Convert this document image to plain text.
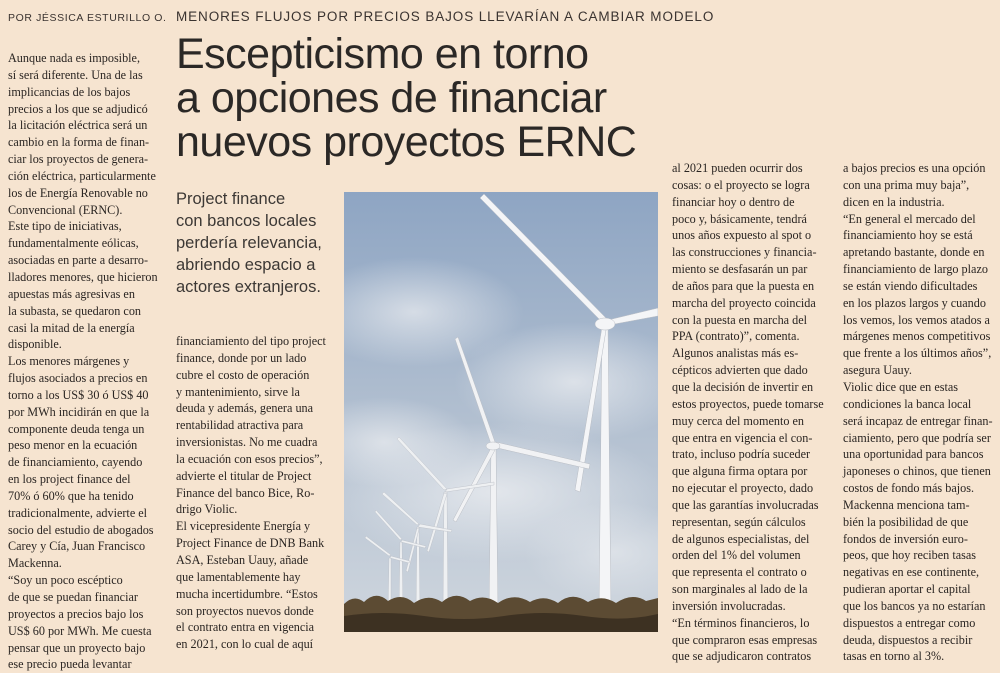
POR JÉSSICA ESTURILLO O. MENORES FLUJOS POR PRECIOS BAJOS LLEVARÍAN A CAMBIAR MODELO
Escepticismo en torno
a opciones de financiar
nuevos proyectos ERNC
Project finance
con bancos locales
perdería relevancia,
abriendo espacio a
actores extranjeros.
Aunque nada es imposible,
sí será diferente. Una de las
implicancias de los bajos
precios a los que se adjudicó
la licitación eléctrica será un
cambio en la forma de finan-
ciar los proyectos de genera-
ción eléctrica, particularmente
los de Energía Renovable no
Convencional (ERNC).
Este tipo de iniciativas,
fundamentalmente eólicas,
asociadas en parte a desarro-
lladores menores, que hicieron
apuestas más agresivas en
la subasta, se quedaron con
casi la mitad de la energía
disponible.
Los menores márgenes y
flujos asociados a precios en
torno a los US$ 30 ó US$ 40
por MWh incidirán en que la
componente deuda tenga un
peso menor en la ecuación
de financiamiento, cayendo
en los project finance del
70% ó 60% que ha tenido
tradicionalmente, advierte el
socio del estudio de abogados
Carey y Cía, Juan Francisco
Mackenna.
“Soy un poco escéptico
de que se puedan financiar
proyectos a precios bajo los
US$ 60 por MWh. Me cuesta
pensar que un proyecto bajo
ese precio pueda levantar
financiamiento del tipo project
finance, donde por un lado
cubre el costo de operación
y mantenimiento, sirve la
deuda y además, genera una
rentabilidad atractiva para
inversionistas. No me cuadra
la ecuación con esos precios”,
advierte el titular de Project
Finance del banco Bice, Ro-
drigo Violic.
El vicepresidente Energía y
Project Finance de DNB Bank
ASA, Esteban Uauy, añade
que lamentablemente hay
mucha incertidumbre. “Estos
son proyectos nuevos donde
el contrato entra en vigencia
en 2021, con lo cual de aquí
al 2021 pueden ocurrir dos
cosas: o el proyecto se logra
financiar hoy o dentro de
poco y, básicamente, tendrá
unos años expuesto al spot o
las construcciones y financia-
miento se desfasarán un par
de años para que la puesta en
marcha del proyecto coincida
con la puesta en marcha del
PPA (contrato)”, comenta.
Algunos analistas más es-
cépticos advierten que dado
que la decisión de invertir en
estos proyectos, puede tomarse
muy cerca del momento en
que entra en vigencia el con-
trato, incluso podría suceder
que alguna firma optara por
no ejecutar el proyecto, dado
que las garantías involucradas
representan, según cálculos
de algunos especialistas, del
orden del 1% del volumen
que representa el contrato o
son marginales al lado de la
inversión involucradas.
“En términos financieros, lo
que compraron esas empresas
que se adjudicaron contratos
a bajos precios es una opción
con una prima muy baja”,
dicen en la industria.
“En general el mercado del
financiamiento hoy se está
apretando bastante, donde en
financiamiento de largo plazo
se están viendo dificultades
en los plazos largos y cuando
los vemos, los vemos atados a
márgenes menos competitivos
que frente a los últimos años”,
asegura Uauy.
Violic dice que en estas
condiciones la banca local
será incapaz de entregar finan-
ciamiento, pero que podría ser
una oportunidad para bancos
japoneses o chinos, que tienen
costos de fondo más bajos.
Mackenna menciona tam-
bién la posibilidad de que
fondos de inversión euro-
peos, que hoy reciben tasas
negativas en ese continente,
pudieran aportar el capital
que los bancos ya no estarían
dispuestos a entregar como
deuda, dispuestos a recibir
tasas en torno al 3%.
